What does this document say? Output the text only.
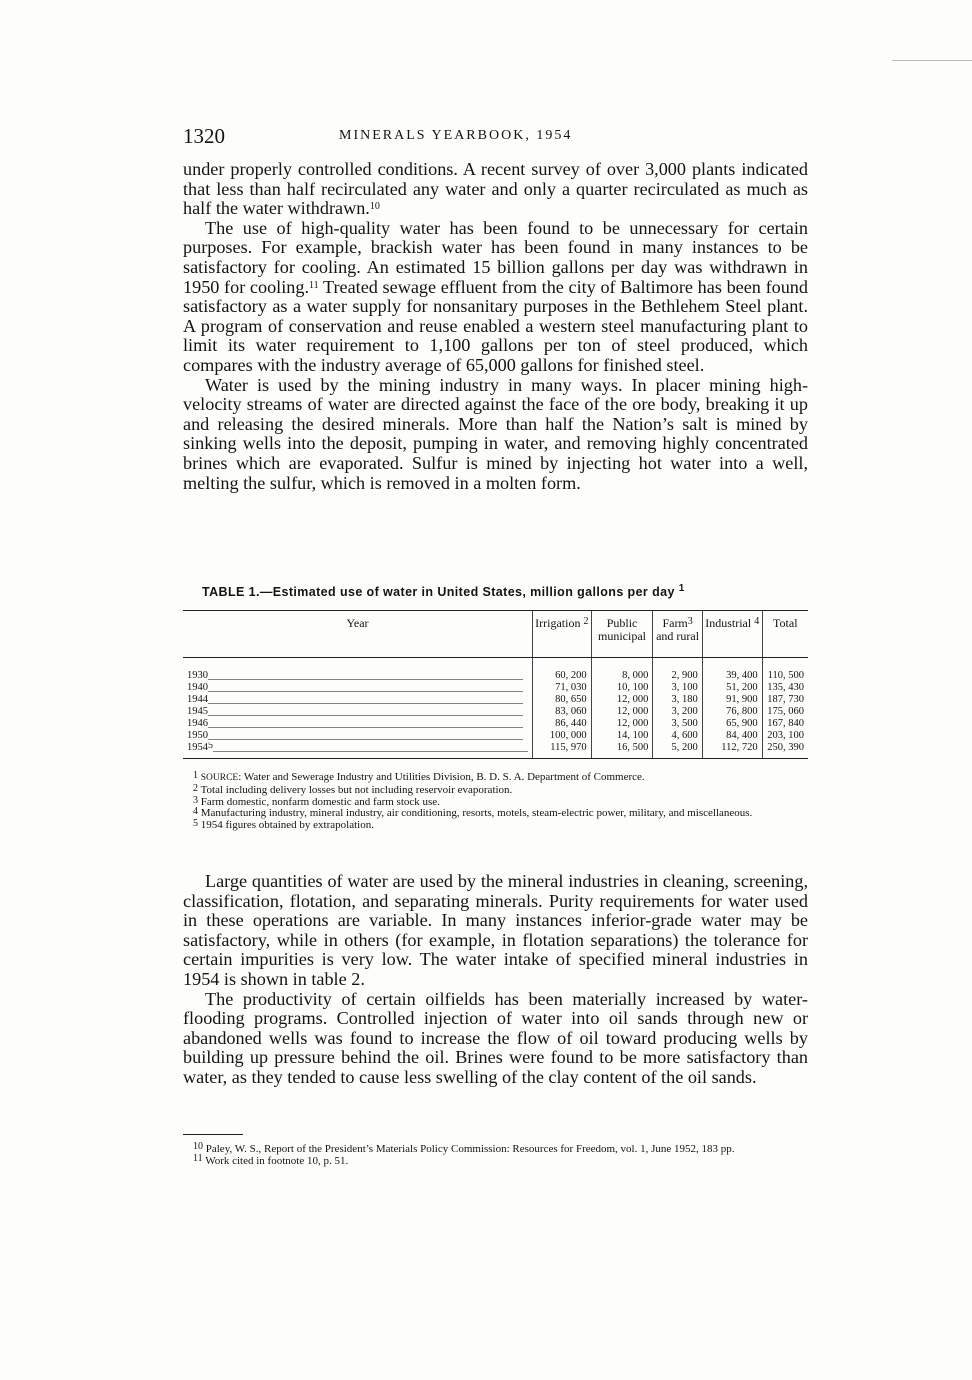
1320	MINERALS YEARBOOK, 1954

under properly controlled conditions. A recent survey of over 3,000 plants indicated that less than half recirculated any water and only a quarter recirculated as much as half the water withdrawn.$^{10}$

The use of high-quality water has been found to be unnecessary for certain purposes. For example, brackish water has been found in many instances to be satisfactory for cooling. An estimated 15 billion gallons per day was withdrawn in 1950 for cooling.$^{11}$ Treated sewage effluent from the city of Baltimore has been found satisfactory as a water supply for nonsanitary purposes in the Bethlehem Steel plant. A program of conservation and reuse enabled a western steel manufacturing plant to limit its water requirement to 1,100 gallons per ton of steel produced, which compares with the industry average of 65,000 gallons for finished steel.

Water is used by the mining industry in many ways. In placer mining high-velocity streams of water are directed against the face of the ore body, breaking it up and releasing the desired minerals. More than half the Nation’s salt is mined by sinking wells into the deposit, pumping in water, and removing highly concentrated brines which are evaporated. Sulfur is mined by injecting hot water into a well, melting the sulfur, which is removed in a molten form.

TABLE 1.—Estimated use of water in United States, million gallons per day $^1$
Year	Irrigation $^2$	Public municipal	Farm$^3$ and rural	Industrial $^4$	Total
1930____________________________________________________________	60, 200	8, 000	2, 900	39, 400	110, 500
1940____________________________________________________________	71, 030	10, 100	3, 100	51, 200	135, 430
1944____________________________________________________________	80, 650	12, 000	3, 180	91, 900	187, 730
1945____________________________________________________________	83, 060	12, 000	3, 200	76, 800	175, 060
1946____________________________________________________________	86, 440	12, 000	3, 500	65, 900	167, 840
1950____________________________________________________________	100, 000	14, 100	4, 600	84, 400	203, 100
1954$^5$____________________________________________________________	115, 970	16, 500	5, 200	112, 720	250, 390
$^1$ SOURCE: Water and Sewerage Industry and Utilities Division, B. D. S. A. Department of Commerce.
$^2$ Total including delivery losses but not including reservoir evaporation.
$^3$ Farm domestic, nonfarm domestic and farm stock use.
$^4$ Manufacturing industry, mineral industry, air conditioning, resorts, motels, steam-electric power, military, and miscellaneous.
$^5$ 1954 figures obtained by extrapolation.

Large quantities of water are used by the mineral industries in cleaning, screening, classification, flotation, and separating minerals. Purity requirements for water used in these operations are variable. In many instances inferior-grade water may be satisfactory, while in others (for example, in flotation separations) the tolerance for certain impurities is very low. The water intake of specified mineral industries in 1954 is shown in table 2.

The productivity of certain oilfields has been materially increased by water-flooding programs. Controlled injection of water into oil sands through new or abandoned wells was found to increase the flow of oil toward producing wells by building up pressure behind the oil. Brines were found to be more satisfactory than water, as they tended to cause less swelling of the clay content of the oil sands.

$^{10}$ Paley, W. S., Report of the President’s Materials Policy Commission: Resources for Freedom, vol. 1, June 1952, 183 pp.
$^{11}$ Work cited in footnote 10, p. 51.
